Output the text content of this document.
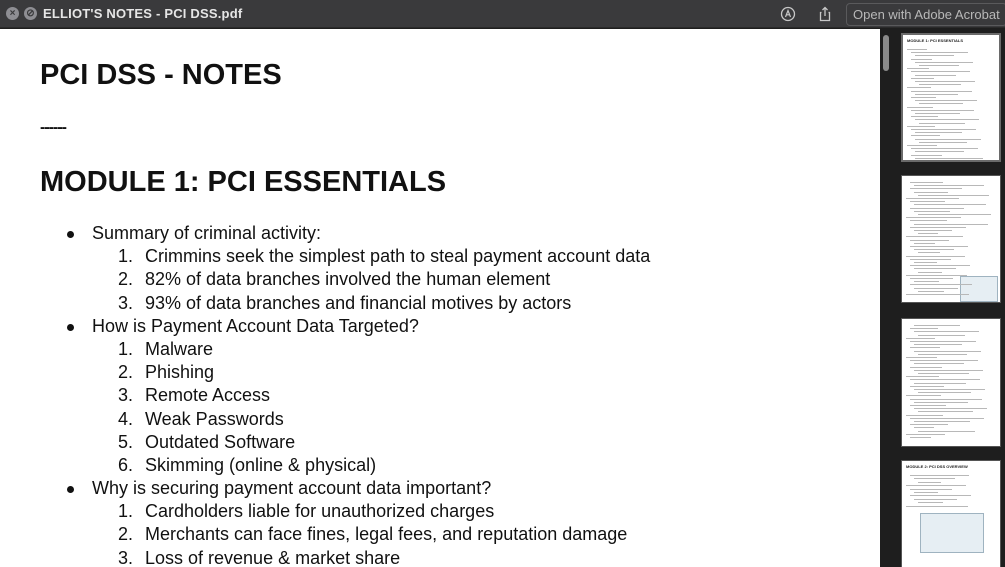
×	⊘ ELLIOT'S NOTES - PCI DSS.pdf	Open with Adobe Acrobat
PCI DSS - NOTES
------
MODULE 1: PCI ESSENTIALS
Summary of criminal activity:
1. Crimmins seek the simplest path to steal payment account data
2. 82% of data branches involved the human element
3. 93% of data branches and financial motives by actors
How is Payment Account Data Targeted?
1. Malware
2. Phishing
3. Remote Access
4. Weak Passwords
5. Outdated Software
6. Skimming (online & physical)
Why is securing payment account data important?
1. Cardholders liable for unauthorized charges
2. Merchants can face fines, legal fees, and reputation damage
3. Loss of revenue & market share
MODULE 1: PCI ESSENTIALS
MODULE 2: PCI DSS OVERVIEW
